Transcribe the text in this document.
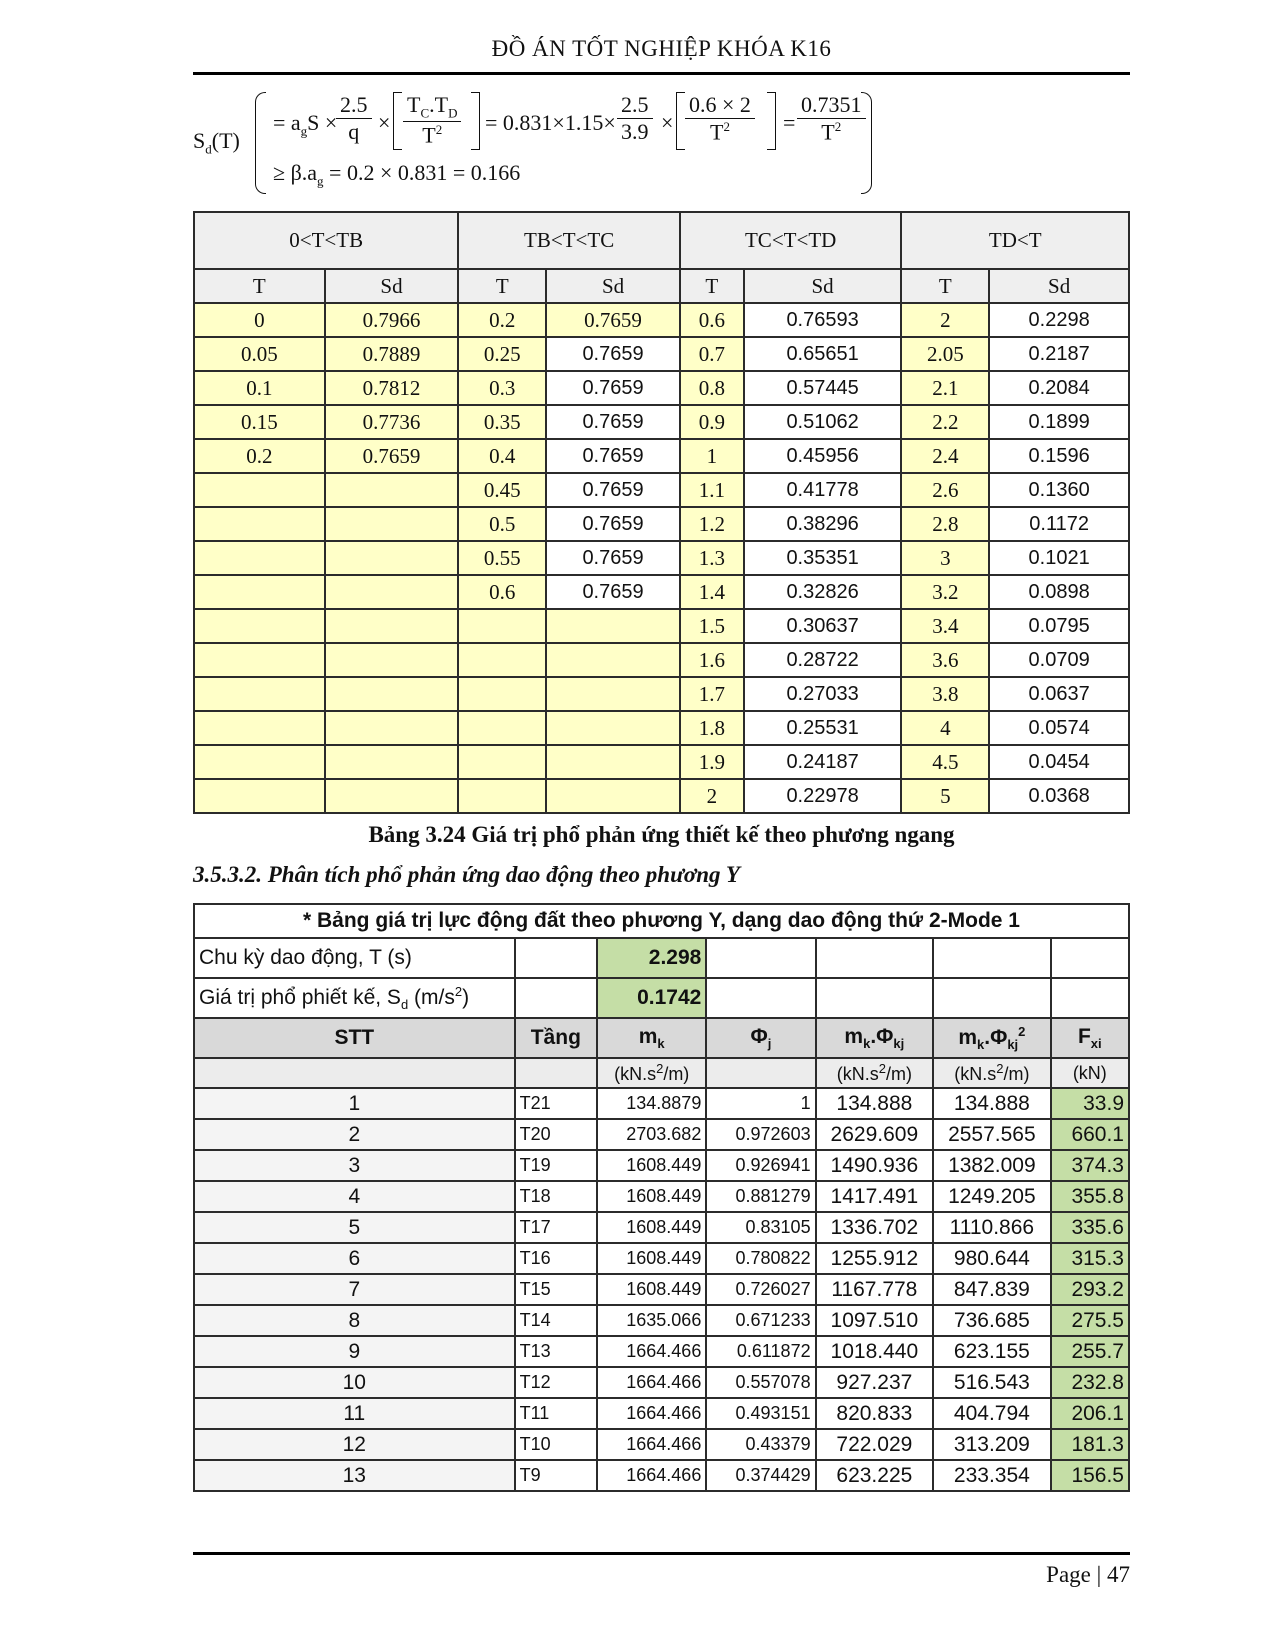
ĐỒ ÁN TỐT NGHIỆP KHÓA K16
$S_d(T)$
= $a_gS$ ×
$\frac{2.5}{q} \times \frac{T_C.T_D}{T^2} = 0.831\times 1.15\times \frac{2.5}{3.9} \times \frac{0.6 \times 2}{T^2} = \frac{0.7351}{T^2}$
≥ $\beta.a_g = 0.2 \times 0.831 = 0.166$
0<T<TB		TB<T<TC		TC<T<TD		TD<T	
T	Sd	T	Sd	T	Sd	T	Sd
0	0.7966	0.2	0.7659	0.6	0.76593	2	0.2298
0.05	0.7889	0.25	0.7659	0.7	0.65651	2.05	0.2187
0.1	0.7812	0.3	0.7659	0.8	0.57445	2.1	0.2084
0.15	0.7736	0.35	0.7659	0.9	0.51062	2.2	0.1899
0.2	0.7659	0.4	0.7659	1	0.45956	2.4	0.1596
		0.45	0.7659	1.1	0.41778	2.6	0.1360
		0.5	0.7659	1.2	0.38296	2.8	0.1172
		0.55	0.7659	1.3	0.35351	3	0.1021
		0.6	0.7659	1.4	0.32826	3.2	0.0898
				1.5	0.30637	3.4	0.0795
				1.6	0.28722	3.6	0.0709
				1.7	0.27033	3.8	0.0637
				1.8	0.25531	4	0.0574
				1.9	0.24187	4.5	0.0454
				2	0.22978	5	0.0368
Bảng 3.24 Giá trị phổ phản ứng thiết kế theo phương ngang
3.5.3.2. Phân tích phổ phản ứng dao động theo phương Y
* Bảng giá trị lực động đất theo phương Y, dạng dao động thứ 2-Mode 1						
Chu kỳ dao động, T (s)		2.298				
Giá trị phổ phiết kế, $S_d$ $(m/s^2)$		0.1742				
STT	Tầng	$m_k$	$\Phi_j$	$m_k.\Phi_{kj}$	$m_k.\Phi_{kj}^2$	$F_{xi}$
		$(kN.s^2/m)$		$(kN.s^2/m)$	$(kN.s^2/m)$	(kN)
1	T21	134.8879	1	134.888	134.888	33.9
2	T20	2703.682	0.972603	2629.609	2557.565	660.1
3	T19	1608.449	0.926941	1490.936	1382.009	374.3
4	T18	1608.449	0.881279	1417.491	1249.205	355.8
5	T17	1608.449	0.83105	1336.702	1110.866	335.6
6	T16	1608.449	0.780822	1255.912	980.644	315.3
7	T15	1608.449	0.726027	1167.778	847.839	293.2
8	T14	1635.066	0.671233	1097.510	736.685	275.5
9	T13	1664.466	0.611872	1018.440	623.155	255.7
10	T12	1664.466	0.557078	927.237	516.543	232.8
11	T11	1664.466	0.493151	820.833	404.794	206.1
12	T10	1664.466	0.43379	722.029	313.209	181.3
13	T9	1664.466	0.374429	623.225	233.354	156.5
Page | 47
